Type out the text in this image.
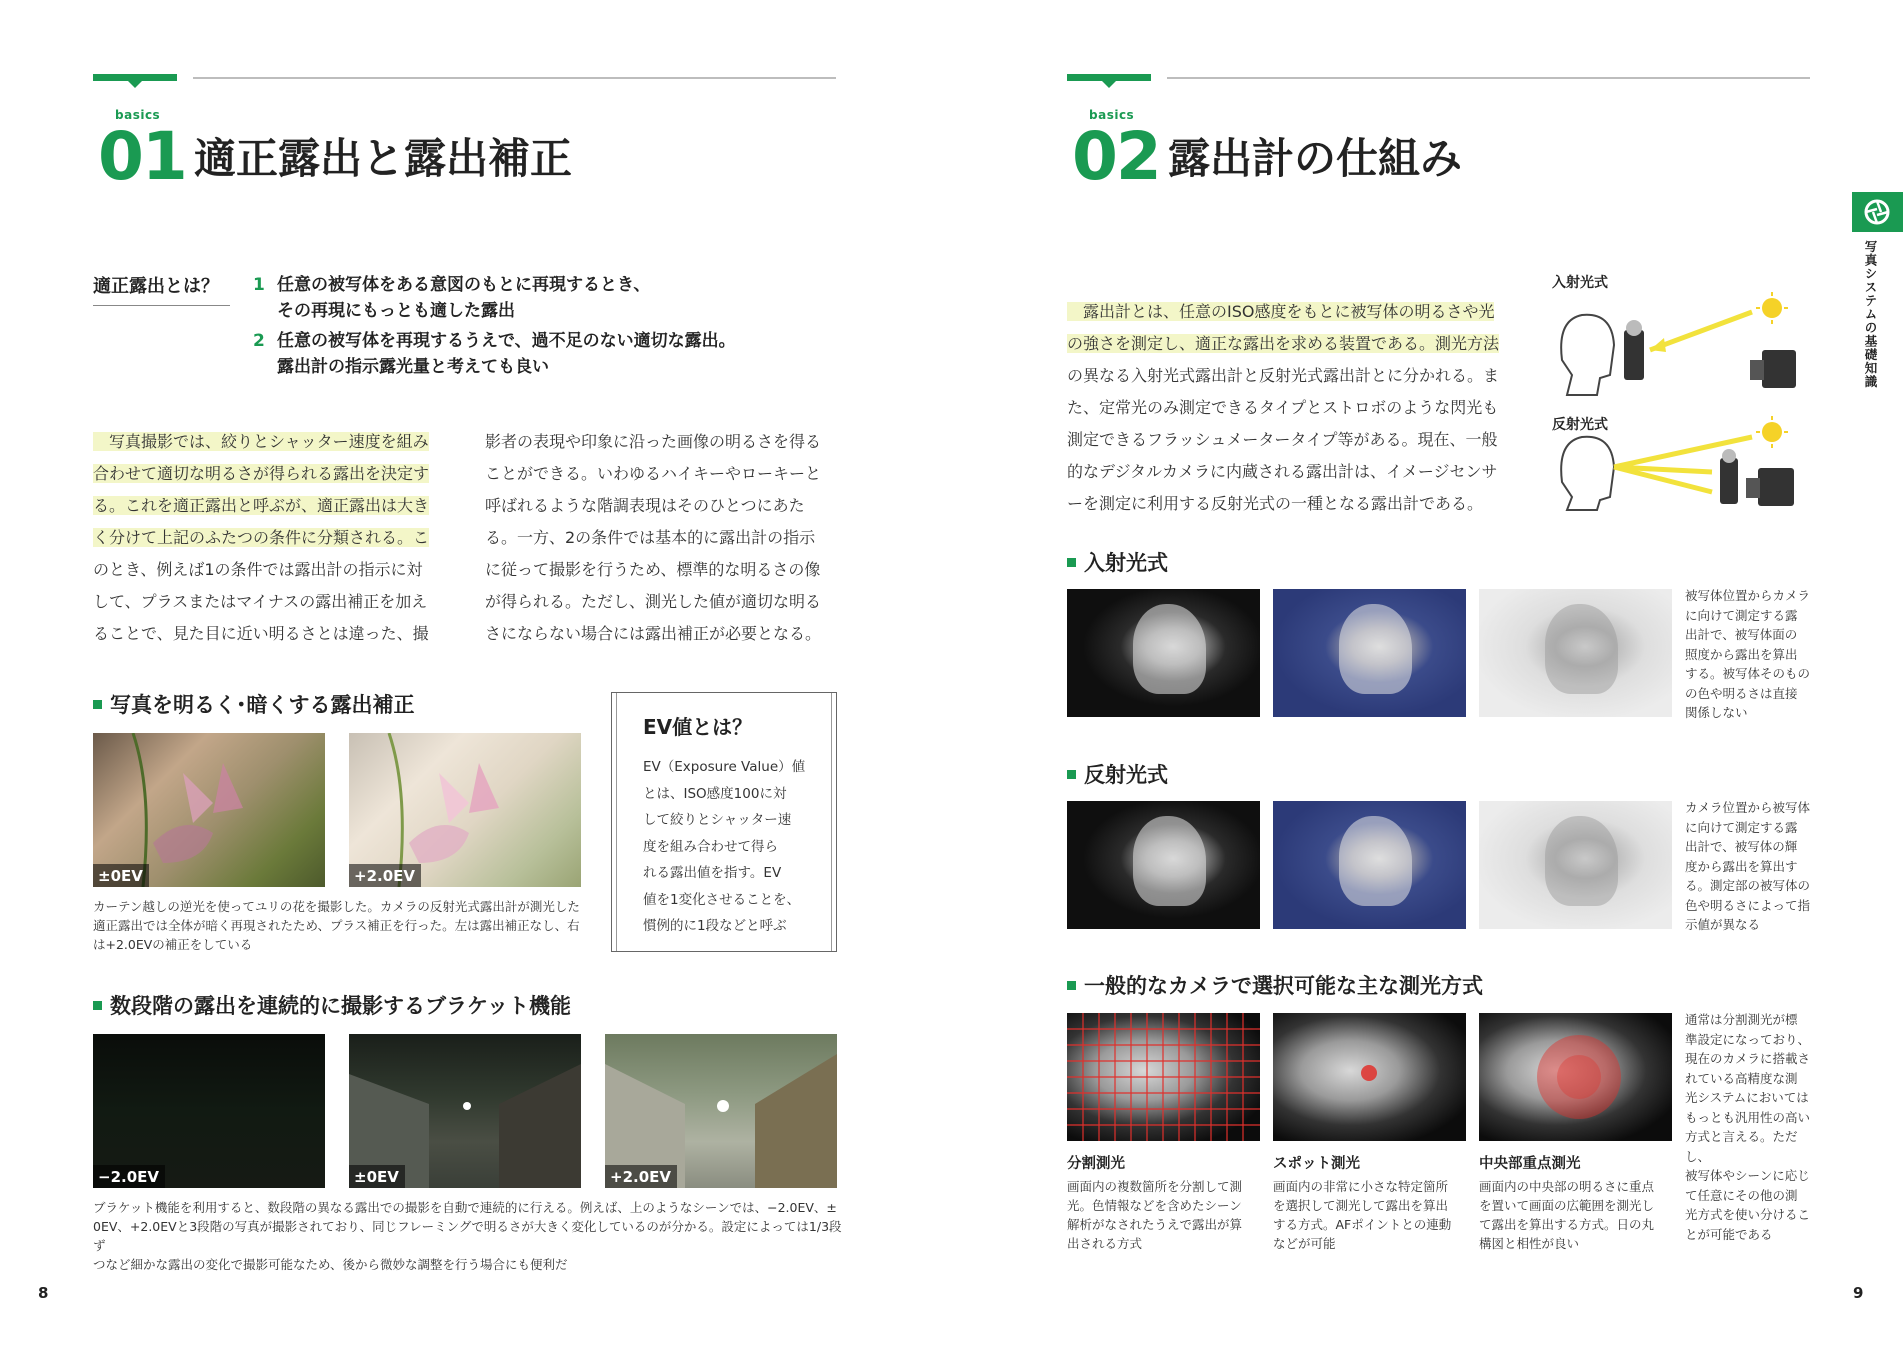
basics
01 適正露出と露出補正
適正露出とは？ 1 任意の被写体をある意図のもとに再現するとき、
その再現にもっとも適した露出
2 任意の被写体を再現するうえで、過不足のない適切な露出。
露出計の指示露光量と考えても良い

　写真撮影では、絞りとシャッター速度を組み

合わせて適切な明るさが得られる露出を決定す

る。これを適正露出と呼ぶが、適正露出は大き

く分けて上記のふたつの条件に分類される。こ

のとき、例えば1の条件では露出計の指示に対

して、プラスまたはマイナスの露出補正を加え

ることで、見た目に近い明るさとは違った、撮

影者の表現や印象に沿った画像の明るさを得る

ことができる。いわゆるハイキーやローキーと

呼ばれるような階調表現はそのひとつにあた

る。一方、2の条件では基本的に露出計の指示

に従って撮影を行うため、標準的な明るさの像

が得られる。ただし、測光した値が適切な明る

さにならない場合には露出補正が必要となる。

写真を明るく･暗くする露出補正
±0EV	+2.0EV
カーテン越しの逆光を使ってユリの花を撮影した。カメラの反射光式露出計が測光した
適正露出では全体が暗く再現されたため、プラス補正を行った。左は露出補正なし、右
は+2.0EVの補正をしている
EV値とは？
EV（Exposure Value）値
とは、ISO感度100に対
して絞りとシャッター速
度を組み合わせて得ら
れる露出値を指す。EV
値を1変化させることを、
慣例的に1段などと呼ぶ
数段階の露出を連続的に撮影するブラケット機能
−2.0EV	±0EV	+2.0EV
ブラケット機能を利用すると、数段階の異なる露出での撮影を自動で連続的に行える。例えば、上のようなシーンでは、−2.0EV、±
0EV、+2.0EVと3段階の写真が撮影されており、同じフレーミングで明るさが大きく変化しているのが分かる。設定によっては1/3段ず
つなど細かな露出の変化で撮影可能なため、後から微妙な調整を行う場合にも便利だ
8
basics
02 露出計の仕組み

　露出計とは、任意のISO感度をもとに被写体の明るさや光

の強さを測定し、適正な露出を求める装置である。測光方法

の異なる入射光式露出計と反射光式露出計とに分かれる。ま

た、定常光のみ測定できるタイプとストロボのような閃光も

測定できるフラッシュメータータイプ等がある。現在、一般

的なデジタルカメラに内蔵される露出計は、イメージセンサ

ーを測定に利用する反射光式の一種となる露出計である。

入射光式
反射光式
入射光式
被写体位置からカメラ
に向けて測定する露
出計で、被写体面の
照度から露出を算出
する。被写体そのもの
の色や明るさは直接
関係しない
反射光式
カメラ位置から被写体
に向けて測定する露
出計で、被写体の輝
度から露出を算出す
る。測定部の被写体の
色や明るさによって指
示値が異なる
一般的なカメラで選択可能な主な測光方式
分割測光
画面内の複数箇所を分割して測
光。色情報などを含めたシーン
解析がなされたうえで露出が算
出される方式
スポット測光
画面内の非常に小さな特定箇所
を選択して測光して露出を算出
する方式。AFポイントとの連動
などが可能
中央部重点測光
画面内の中央部の明るさに重点
を置いて画面の広範囲を測光し
て露出を算出する方式。日の丸
構図と相性が良い
通常は分割測光が標
準設定になっており、
現在のカメラに搭載さ
れている高精度な測
光システムにおいては
もっとも汎用性の高い
方式と言える。ただし、
被写体やシーンに応じ
て任意にその他の測
光方式を使い分けるこ
とが可能である
9
写真システムの基礎知識
